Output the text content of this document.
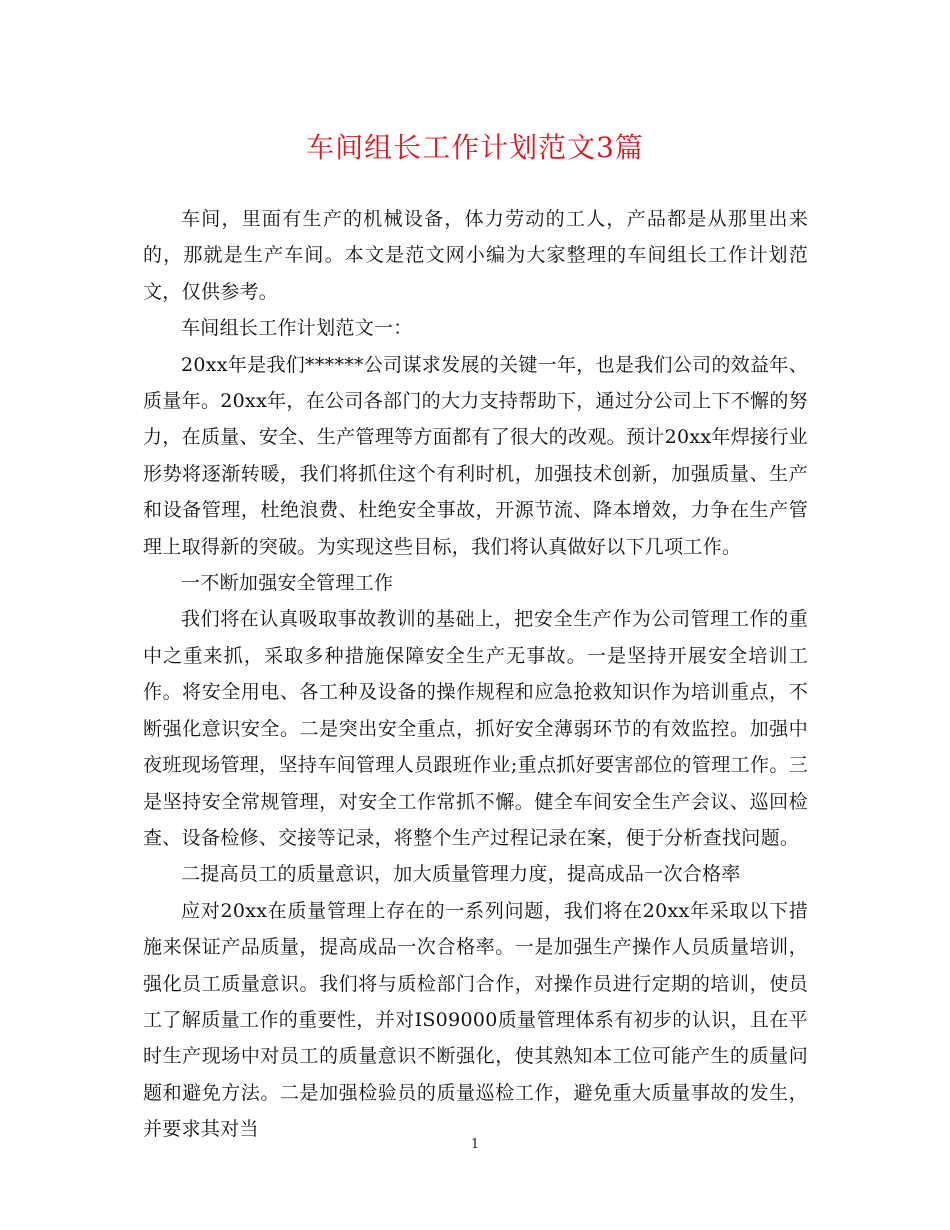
车间组长工作计划范文3篇

车间，里面有生产的机械设备，体力劳动的工人，产品都是从那里出来的，那就是生产车间。本文是范文网小编为大家整理的车间组长工作计划范文，仅供参考。

车间组长工作计划范文一：

20xx年是我们******公司谋求发展的关键一年，也是我们公司的效益年、质量年。20xx年，在公司各部门的大力支持帮助下，通过分公司上下不懈的努力，在质量、安全、生产管理等方面都有了很大的改观。预计20xx年焊接行业形势将逐渐转暖，我们将抓住这个有利时机，加强技术创新，加强质量、生产和设备管理，杜绝浪费、杜绝安全事故，开源节流、降本增效，力争在生产管理上取得新的突破。为实现这些目标，我们将认真做好以下几项工作。

一不断加强安全管理工作

我们将在认真吸取事故教训的基础上，把安全生产作为公司管理工作的重中之重来抓，采取多种措施保障安全生产无事故。一是坚持开展安全培训工作。将安全用电、各工种及设备的操作规程和应急抢救知识作为培训重点，不断强化意识安全。二是突出安全重点，抓好安全薄弱环节的有效监控。加强中夜班现场管理，坚持车间管理人员跟班作业;重点抓好要害部位的管理工作。三是坚持安全常规管理，对安全工作常抓不懈。健全车间安全生产会议、巡回检查、设备检修、交接等记录，将整个生产过程记录在案，便于分析查找问题。

二提高员工的质量意识，加大质量管理力度，提高成品一次合格率

应对20xx在质量管理上存在的一系列问题，我们将在20xx年采取以下措施来保证产品质量，提高成品一次合格率。一是加强生产操作人员质量培训，强化员工质量意识。我们将与质检部门合作，对操作员进行定期的培训，使员工了解质量工作的重要性，并对IS09000质量管理体系有初步的认识，且在平时生产现场中对员工的质量意识不断强化，使其熟知本工位可能产生的质量问题和避免方法。二是加强检验员的质量巡检工作，避免重大质量事故的发生，并要求其对当

1
